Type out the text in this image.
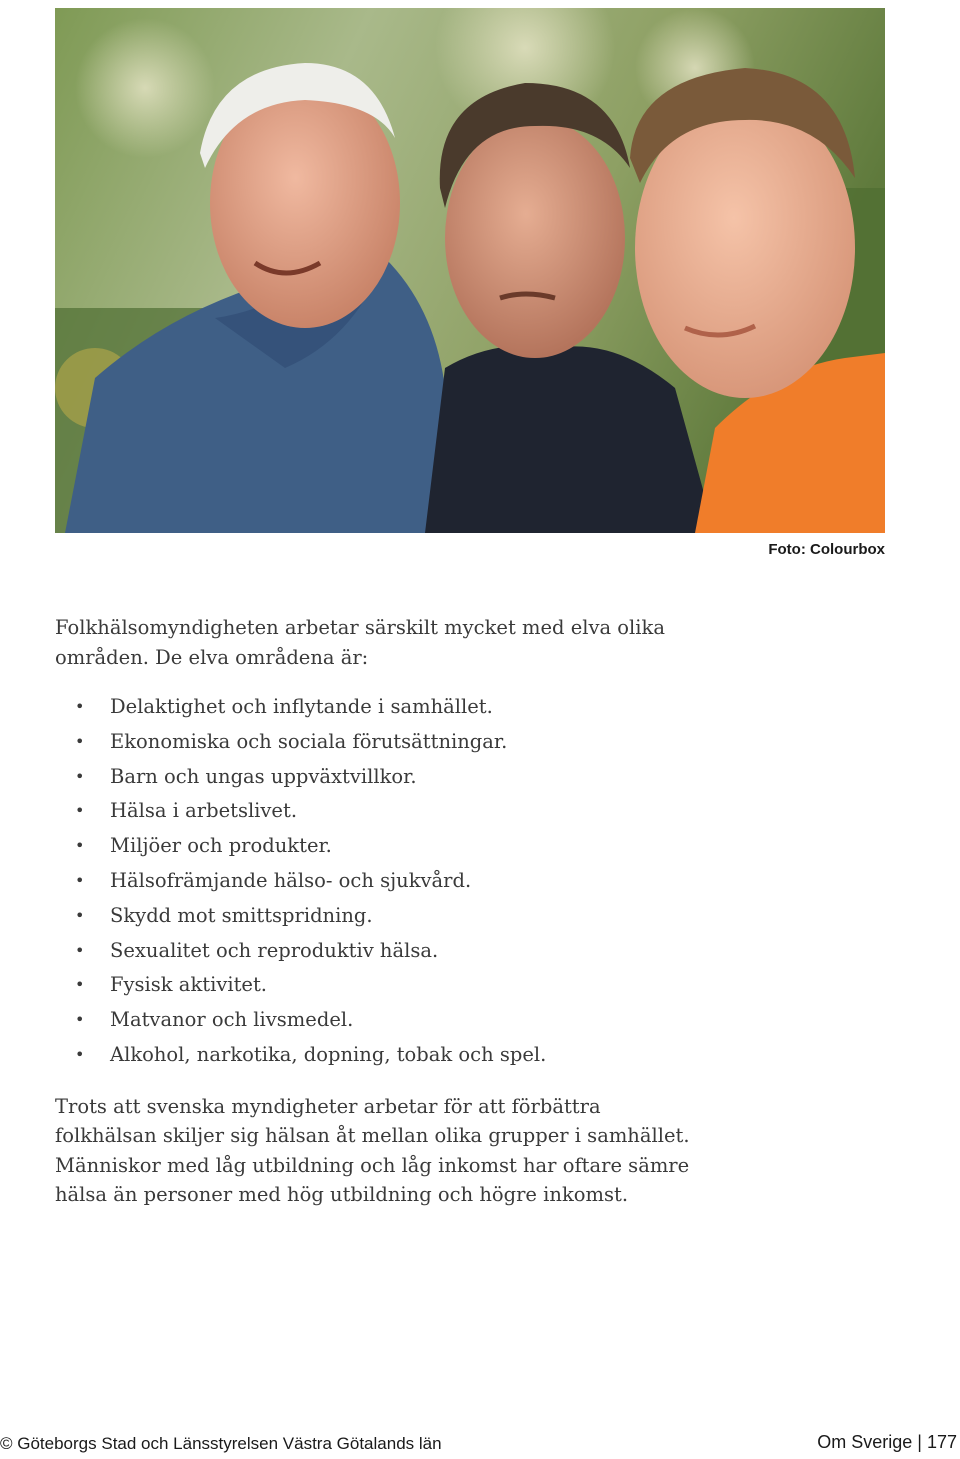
Foto: Colourbox

Folkhälsomyndigheten arbetar särskilt mycket med elva olika områden. De elva områdena är:

• Delaktighet och inflytande i samhället.
• Ekonomiska och sociala förutsättningar.
• Barn och ungas uppväxtvillkor.
• Hälsa i arbetslivet.
• Miljöer och produkter.
• Hälsofrämjande hälso- och sjukvård.
• Skydd mot smittspridning.
• Sexualitet och reproduktiv hälsa.
• Fysisk aktivitet.
• Matvanor och livsmedel.
• Alkohol, narkotika, dopning, tobak och spel.

Trots att svenska myndigheter arbetar för att förbättra folkhälsan skiljer sig hälsan åt mellan olika grupper i samhället. Människor med låg utbildning och låg inkomst har oftare sämre hälsa än personer med hög utbildning och högre inkomst.

© Göteborgs Stad och Länsstyrelsen Västra Götalands län	Om Sverige | 177
